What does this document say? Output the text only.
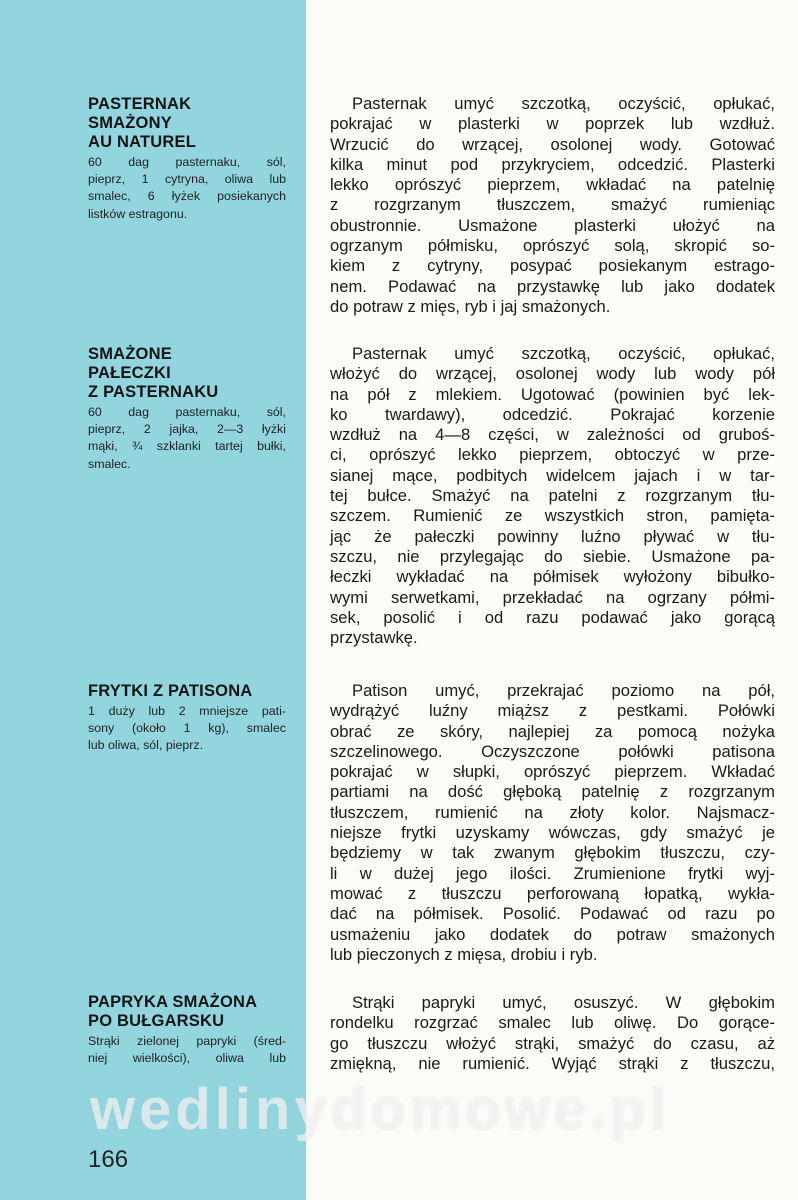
PASTERNAK
SMAŻONY
AU NATUREL
60 dag pasternaku, sól,
pieprz, 1 cytryna, oliwa lub
smalec, 6 łyżek posiekanych
listków estragonu.
Pasternak umyć szczotką, oczyścić, opłukać,
pokrajać w plasterki w poprzek lub wzdłuż.
Wrzucić do wrzącej, osolonej wody. Gotować
kilka minut pod przykryciem, odcedzić. Plasterki
lekko oprószyć pieprzem, wkładać na patelnię
z rozgrzanym tłuszczem, smażyć rumieniąc
obustronnie. Usmażone plasterki ułożyć na
ogrzanym półmisku, oprószyć solą, skropić so-
kiem z cytryny, posypać posiekanym estrago-
nem. Podawać na przystawkę lub jako dodatek
do potraw z mięs, ryb i jaj smażonych.
SMAŻONE
PAŁECZKI
Z PASTERNAKU
60 dag pasternaku, sól,
pieprz, 2 jajka, 2—3 łyżki
mąki, ¾ szklanki tartej bułki,
smalec.
Pasternak umyć szczotką, oczyścić, opłukać,
włożyć do wrzącej, osolonej wody lub wody pół
na pół z mlekiem. Ugotować (powinien być lek-
ko twardawy), odcedzić. Pokrajać korzenie
wzdłuż na 4—8 części, w zależności od gruboś-
ci, oprószyć lekko pieprzem, obtoczyć w prze-
sianej mące, podbitych widelcem jajach i w tar-
tej bułce. Smażyć na patelni z rozgrzanym tłu-
szczem. Rumienić ze wszystkich stron, pamięta-
jąc że pałeczki powinny luźno pływać w tłu-
szczu, nie przylegając do siebie. Usmażone pa-
łeczki wykładać na półmisek wyłożony bibułko-
wymi serwetkami, przekładać na ogrzany półmi-
sek, posolić i od razu podawać jako gorącą
przystawkę.
FRYTKI Z PATISONA
1 duży lub 2 mniejsze pati-
sony (około 1 kg), smalec
lub oliwa, sól, pieprz.
Patison umyć, przekrajać poziomo na pół,
wydrążyć luźny miąższ z pestkami. Połówki
obrać ze skóry, najlepiej za pomocą nożyka
szczelinowego. Oczyszczone połówki patisona
pokrajać w słupki, oprószyć pieprzem. Wkładać
partiami na dość głęboką patelnię z rozgrzanym
tłuszczem, rumienić na złoty kolor. Najsmacz-
niejsze frytki uzyskamy wówczas, gdy smażyć je
będziemy w tak zwanym głębokim tłuszczu, czy-
li w dużej jego ilości. Zrumienione frytki wyj-
mować z tłuszczu perforowaną łopatką, wykła-
dać na półmisek. Posolić. Podawać od razu po
usmażeniu jako dodatek do potraw smażonych
lub pieczonych z mięsa, drobiu i ryb.
PAPRYKA SMAŻONA
PO BUŁGARSKU
Strąki zielonej papryki (śred-
niej wielkości), oliwa lub
Strąki papryki umyć, osuszyć. W głębokim
rondelku rozgrzać smalec lub oliwę. Do gorące-
go tłuszczu włożyć strąki, smażyć do czasu, aż
zmiękną, nie rumienić. Wyjąć strąki z tłuszczu,
wedlinydomowe.pl
166
